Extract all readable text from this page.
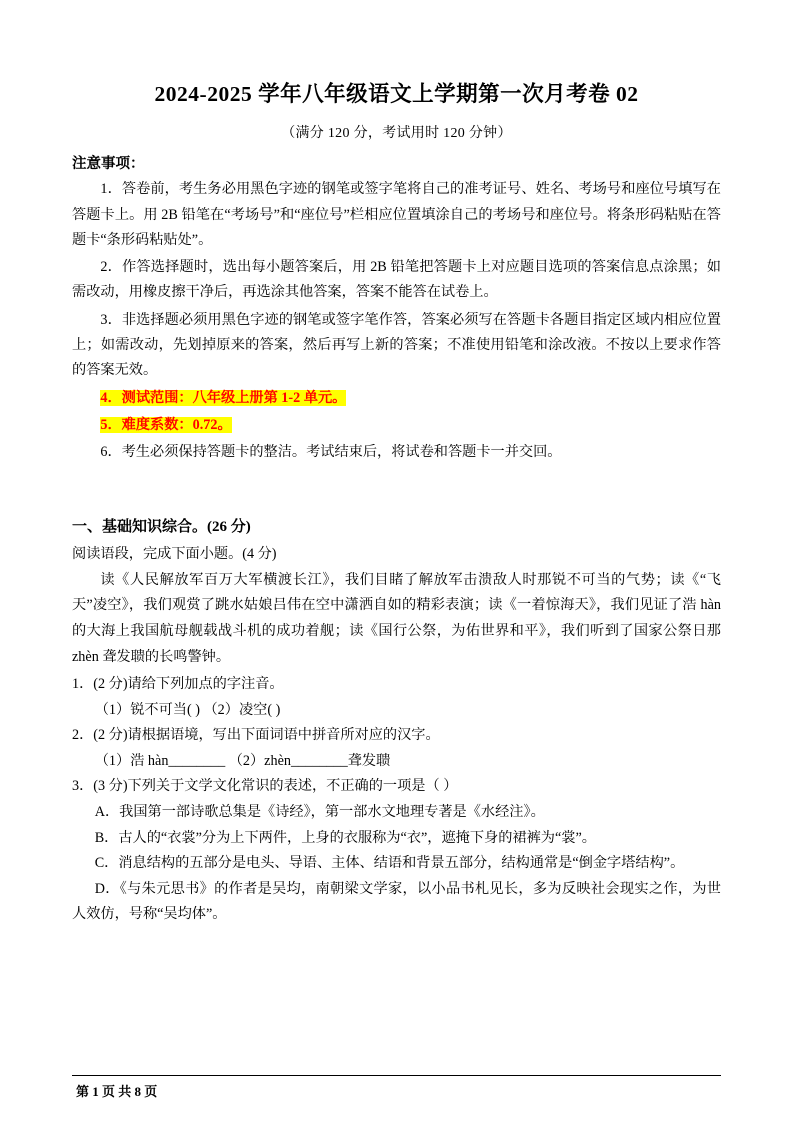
2024-2025 学年八年级语文上学期第一次月考卷 02
（满分 120 分，考试用时 120 分钟）
注意事项：

1．答卷前，考生务必用黑色字迹的钢笔或签字笔将自己的准考证号、姓名、考场号和座位号填写在答题卡上。用 2B 铅笔在“考场号”和“座位号”栏相应位置填涂自己的考场号和座位号。将条形码粘贴在答题卡“条形码粘贴处”。

2．作答选择题时，选出每小题答案后，用 2B 铅笔把答题卡上对应题目选项的答案信息点涂黑；如需改动，用橡皮擦干净后，再选涂其他答案，答案不能答在试卷上。

3．非选择题必须用黑色字迹的钢笔或签字笔作答，答案必须写在答题卡各题目指定区域内相应位置上；如需改动，先划掉原来的答案，然后再写上新的答案；不准使用铅笔和涂改液。不按以上要求作答的答案无效。

4．测试范围：八年级上册第 1-2 单元。

5．难度系数：0.72。

6．考生必须保持答题卡的整洁。考试结束后，将试卷和答题卡一并交回。

一、基础知识综合。(26 分)

阅读语段，完成下面小题。(4 分)

读《人民解放军百万大军横渡长江》，我们目睹了解放军击溃敌人时那锐不可当的气势；读《“飞天”凌空》，我们观赏了跳水姑娘吕伟在空中潇洒自如的精彩表演；读《一着惊海天》，我们见证了浩 hàn 的大海上我国航母舰载战斗机的成功着舰；读《国行公祭，为佑世界和平》，我们听到了国家公祭日那 zhèn 聋发聩的长鸣警钟。

1．(2 分)请给下列加点的字注音。

（1）锐不可当( ) （2）凌空( )

2．(2 分)请根据语境，写出下面词语中拼音所对应的汉字。

（1）浩 hàn________ （2）zhèn________聋发聩

3．(3 分)下列关于文学文化常识的表述，不正确的一项是（ ）

A．我国第一部诗歌总集是《诗经》，第一部水文地理专著是《水经注》。

B．古人的“衣裳”分为上下两件，上身的衣服称为“衣”，遮掩下身的裙裤为“裳”。

C．消息结构的五部分是电头、导语、主体、结语和背景五部分，结构通常是“倒金字塔结构”。

D．《与朱元思书》的作者是吴均，南朝梁文学家，以小品书札见长，多为反映社会现实之作，为世人效仿，号称“吴均体”。

第 1 页 共 8 页
